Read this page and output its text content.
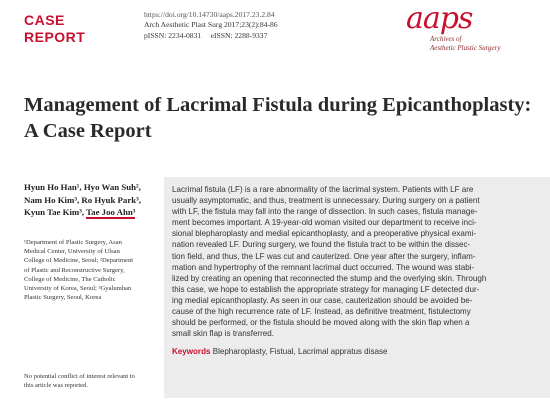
CASE
REPORT
https://doi.org/10.14730/aaps.2017.23.2.84
Arch Aesthetic Plast Surg 2017;23(2):84-86
pISSN: 2234-0831     eISSN: 2288-9337	aaps
Archives of
Aesthetic Plastic Surgery
Management of Lacrimal Fistula during Epicanthoplasty:
A Case Report
Hyun Ho Han¹, Hyo Wan Suh²,
Nam Ho Kim³, Ro Hyuk Park³,
Kyun Tae Kim³, Tae Joo Ahn³
¹Department of Plastic Surgery, Asan
Medical Center, University of Ulsan
College of Medicine, Seoul; ²Department
of Plastic and Reconstructive Surgery,
College of Medicine, The Catholic
University of Korea, Seoul; ³Gyalumhan
Plastic Surgery, Seoul, Korea
No potential conflict of interest relevant to
this article was reported.
Lacrimal fistula (LF) is a rare abnormality of the lacrimal system. Patients with LF are
usually asymptomatic, and thus, treatment is unnecessary. During surgery on a patient
with LF, the fistula may fall into the range of dissection. In such cases, fistula manage-
ment becomes important. A 19-year-old woman visited our department to receive inci-
sional blepharoplasty and medial epicanthoplasty, and a preoperative physical exami-
nation revealed LF. During surgery, we found the fistula tract to be within the dissec-
tion field, and thus, the LF was cut and cauterized. One year after the surgery, inflam-
mation and hypertrophy of the remnant lacrimal duct occurred. The wound was stabi-
lized by creating an opening that reconnected the stump and the overlying skin. Through
this case, we hope to establish the appropriate strategy for managing LF detected dur-
ing medial epicanthoplasty. As seen in our case, cauterization should be avoided be-
cause of the high recurrence rate of LF. Instead, as definitive treatment, fistulectomy
should be performed, or the fistula should be moved along with the skin flap when a
small skin flap is transferred.

Keywords Blepharoplasty, Fistual, Lacrimal appratus disase
